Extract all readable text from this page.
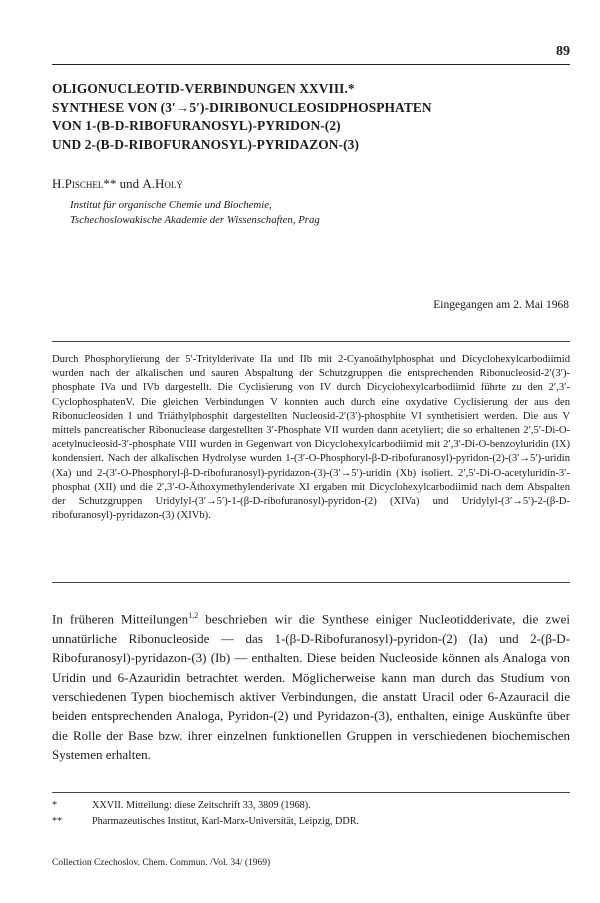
89
OLIGONUCLEOTID-VERBINDUNGEN XXVIII.*
SYNTHESE VON (3′→5′)-DIRIBONUCLEOSIDPHOSPHATEN
VON 1-(Β-D-RIBOFURANOSYL)-PYRIDON-(2)
UND 2-(Β-D-RIBOFURANOSYL)-PYRIDAZON-(3)
H.Pischel** und A.Holý
Institut für organische Chemie und Biochemie,
Tschechoslowakische Akademie der Wissenschaften, Prag
Eingegangen am 2. Mai 1968
Durch Phosphorylierung der 5′-Tritylderivate IIa und IIb mit 2-Cyanoäthylphosphat und Dicyclohexylcarbodiimid wurden nach der alkalischen und sauren Abspaltung der Schutzgruppen die entsprechenden Ribonucleosid-2′(3′)-phosphate IVa und IVb dargestellt. Die Cyclisierung von IV durch Dicyclohexylcarbodiimid führte zu den 2′,3′-CyclophosphatenV. Die gleichen Verbindungen V konnten auch durch eine oxydative Cyclisierung der aus den Ribonucleosiden I und Triäthylphosphit dargestellten Nucleosid-2′(3′)-phosphite VI synthetisiert werden. Die aus V mittels pancreatischer Ribonuclease dargestellten 3′-Phosphate VII wurden dann acetyliert; die so erhaltenen 2′,5′-Di-O-acetylnucleosid-3′-phosphate VIII wurden in Gegenwart von Dicyclohexylcarbodiimid mit 2′,3′-Di-O-benzoyluridin (IX) kondensiert. Nach der alkalischen Hydrolyse wurden 1-(3′-O-Phosphoryl-β-D-ribofuranosyl)-pyridon-(2)-(3′→5′)-uridin (Xa) und 2-(3′-O-Phosphoryl-β-D-ribofuranosyl)-pyridazon-(3)-(3′→5′)-uridin (Xb) isoliert. 2′,5′-Di-O-acetyluridin-3′-phosphat (XII) und die 2′,3′-O-Äthoxymethylenderivate XI ergaben mit Dicyclohexylcarbodiimid nach dem Abspalten der Schutzgruppen Uridylyl-(3′→5′)-1-(β-D-ribofuranosyl)-pyridon-(2) (XIVa) und Uridylyl-(3′→5′)-2-(β-D-ribofuranosyl)-pyridazon-(3) (XIVb).
In früheren Mitteilungen$^{1,2}$ beschrieben wir die Synthese einiger Nucleotidderivate, die zwei unnatürliche Ribonucleoside — das 1-(β-D-Ribofuranosyl)-pyridon-(2) (Ia) und 2-(β-D-Ribofuranosyl)-pyridazon-(3) (Ib) — enthalten. Diese beiden Nucleoside können als Analoga von Uridin und 6-Azauridin betrachtet werden. Möglicherweise kann man durch das Studium von verschiedenen Typen biochemisch aktiver Verbindungen, die anstatt Uracil oder 6-Azauracil die beiden entsprechenden Analoga, Pyridon-(2) und Pyridazon-(3), enthalten, einige Auskünfte über die Rolle der Base bzw. ihrer einzelnen funktionellen Gruppen in verschiedenen biochemischen Systemen erhalten.
*	XXVII. Mitteilung: diese Zeitschrift 33, 3809 (1968).
**	Pharmazeutisches Institut, Karl-Marx-Universität, Leipzig, DDR.
Collection Czechoslov. Chem. Commun. /Vol. 34/ (1969)
